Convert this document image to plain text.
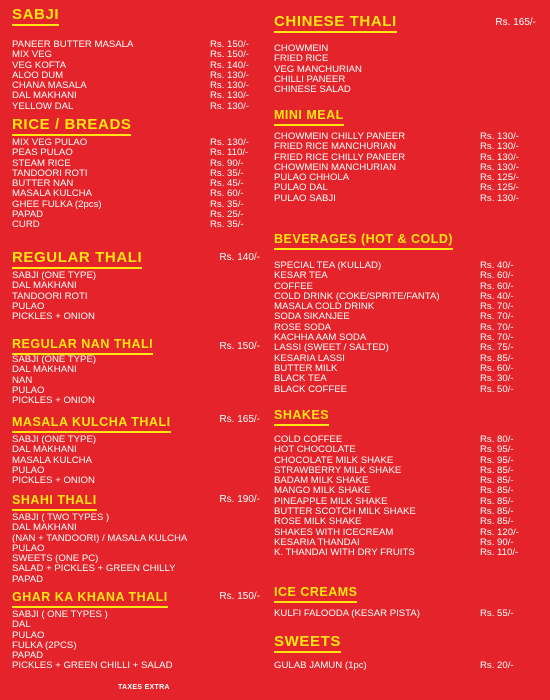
SABJI
PANEER BUTTER MASALA	Rs. 150/-
MIX VEG	Rs. 150/-
VEG KOFTA	Rs. 140/-
ALOO DUM	Rs. 130/-
CHANA MASALA	Rs. 130/-
DAL MAKHANI	Rs. 130/-
YELLOW DAL	Rs. 130/-
RICE / BREADS
MIX VEG PULAO	Rs. 130/-
PEAS PULAO	Rs. 110/-
STEAM RICE	Rs. 90/-
TANDOORI ROTI	Rs. 35/-
BUTTER NAN	Rs. 45/-
MASALA KULCHA	Rs. 60/-
GHEE FULKA (2pcs)	Rs. 35/-
PAPAD	Rs. 25/-
CURD	Rs. 35/-
REGULAR THALI	Rs. 140/-
SABJI (ONE TYPE)
DAL MAKHANI
TANDOORI ROTI
PULAO
PICKLES + ONION
REGULAR NAN THALI	Rs. 150/-
SABJI (ONE TYPE)
DAL MAKHANI
NAN
PULAO
PICKLES + ONION
MASALA KULCHA THALI	Rs. 165/-
SABJI (ONE TYPE)
DAL MAKHANI
MASALA KULCHA
PULAO
PICKLES + ONION
SHAHI THALI	Rs. 190/-
SABJI ( TWO TYPES )
DAL MAKHANI
(NAN + TANDOORI) / MASALA KULCHA
PULAO
SWEETS (ONE PC)
SALAD + PICKLES + GREEN CHILLY
PAPAD
GHAR KA KHANA THALI	Rs. 150/-
SABJI ( ONE TYPES )
DAL
PULAO
FULKA (2PCS)
PAPAD
PICKLES + GREEN CHILLI + SALAD
CHINESE THALI	Rs. 165/-
CHOWMEIN
FRIED RICE
VEG MANCHURIAN
CHILLI PANEER
CHINESE SALAD
MINI MEAL
CHOWMEIN CHILLY PANEER	Rs. 130/-
FRIED RICE MANCHURIAN	Rs. 130/-
FRIED RICE CHILLY PANEER	Rs. 130/-
CHOWMEIN MANCHURIAN	Rs. 130/-
PULAO CHHOLA	Rs. 125/-
PULAO DAL	Rs. 125/-
PULAO SABJI	Rs. 130/-
BEVERAGES (HOT & COLD)
SPECIAL TEA (KULLAD)	Rs. 40/-
KESAR TEA	Rs. 60/-
COFFEE	Rs. 60/-
COLD DRINK (COKE/SPRITE/FANTA)	Rs. 40/-
MASALA COLD DRINK	Rs. 70/-
SODA SIKANJEE	Rs. 70/-
ROSE SODA	Rs. 70/-
KACHHA AAM SODA	Rs. 70/-
LASSI (SWEET / SALTED)	Rs. 75/-
KESARIA LASSI	Rs. 85/-
BUTTER MILK	Rs. 60/-
BLACK TEA	Rs. 30/-
BLACK COFFEE	Rs. 50/-
SHAKES
COLD COFFEE	Rs. 80/-
HOT CHOCOLATE	Rs. 95/-
CHOCOLATE MILK SHAKE	Rs. 95/-
STRAWBERRY MILK SHAKE	Rs. 85/-
BADAM MILK SHAKE	Rs. 85/-
MANGO MILK SHAKE	Rs. 85/-
PINEAPPLE MILK SHAKE	Rs. 85/-
BUTTER SCOTCH MILK SHAKE	Rs. 85/-
ROSE MILK SHAKE	Rs. 85/-
SHAKES WITH ICECREAM	Rs. 120/-
KESARIA THANDAI	Rs. 90/-
K. THANDAI WITH DRY FRUITS	Rs. 110/-
ICE CREAMS
KULFI FALOODA (KESAR PISTA)	Rs. 55/-
SWEETS
GULAB JAMUN (1pc)	Rs. 20/-
TAXES EXTRA
